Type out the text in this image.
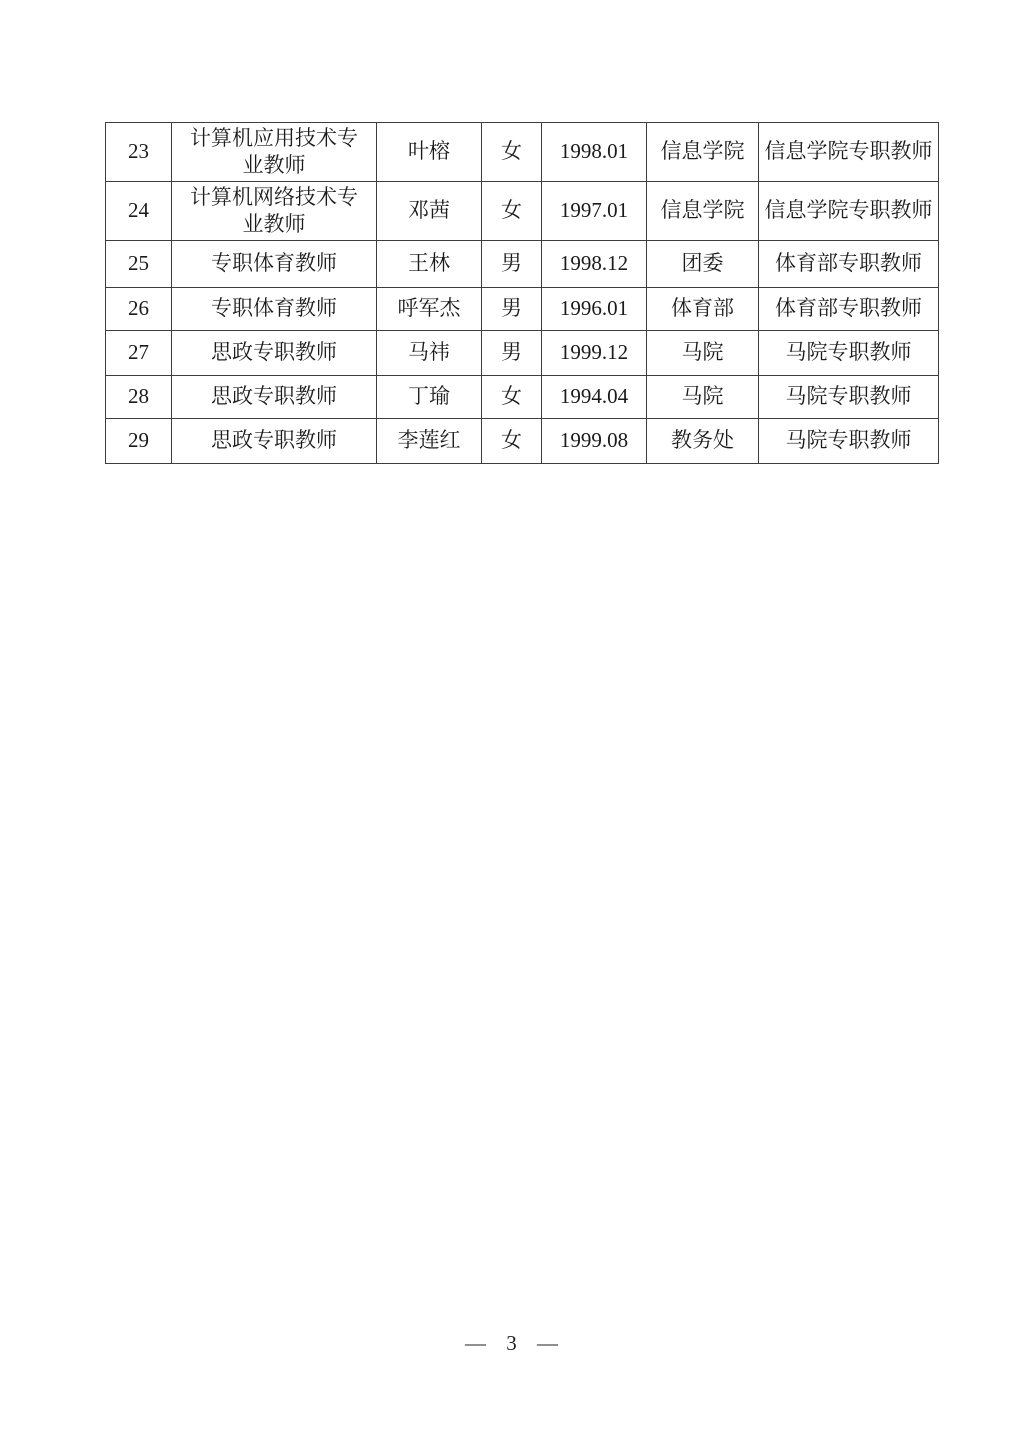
23	计算机应用技术专业教师	叶榕	女	1998.01	信息学院	信息学院专职教师
24	计算机网络技术专业教师	邓茜	女	1997.01	信息学院	信息学院专职教师
25	专职体育教师	王林	男	1998.12	团委	体育部专职教师
26	专职体育教师	呼军杰	男	1996.01	体育部	体育部专职教师
27	思政专职教师	马祎	男	1999.12	马院	马院专职教师
28	思政专职教师	丁瑜	女	1994.04	马院	马院专职教师
29	思政专职教师	李莲红	女	1999.08	教务处	马院专职教师
— 3 —
